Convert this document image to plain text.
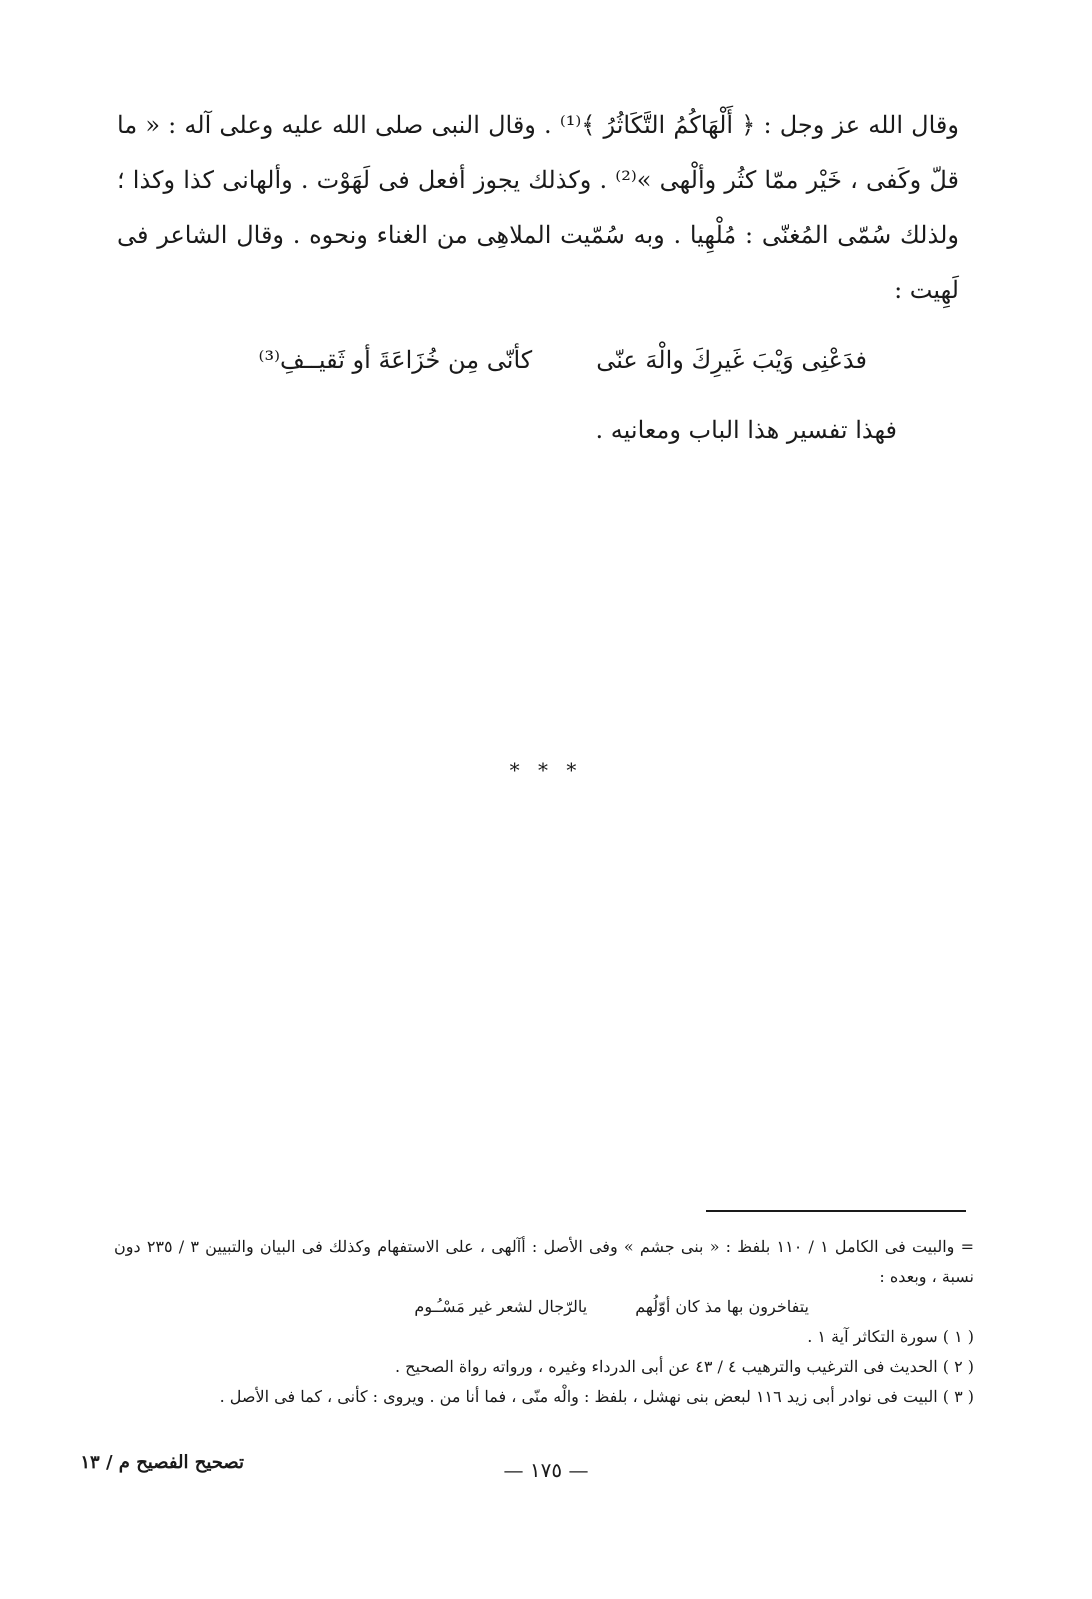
وقال الله عز وجل : ﴿ أَلْهَاكُمُ التَّكَاثُرُ ﴾⁽¹⁾ . وقال النبى صلى الله عليه وعلى آله : « ما قلّ وكَفى ، خَيْر ممّا كثُر وألْهى »⁽²⁾ . وكذلك يجوز أفعل فى لَهَوْت . وألهانى كذا وكذا ؛ ولذلك سُمّى المُغنّى : مُلْهِيا . وبه سُمّيت الملاهِى من الغناء ونحوه . وقال الشاعر فى لَهِيت :

فدَعْنِى وَيْبَ غَيرِكَ والْهَ عنّى
كأنّى مِن خُزَاعَةَ أو ثَقيــفِ⁽³⁾
فهذا تفسير هذا الباب ومعانيه .
* * *

= والبيت فى الكامل ١ / ١١٠ بلفظ : « بنى جشم » وفى الأصل : أآلهى ، على الاستفهام وكذلك فى البيان والتبيين ٣ / ٢٣٥ دون نسبة ، وبعده :

يتفاخرون بها مذ كان أوّلُهم
يالرّجال لشعر غير مَسْـُـوم

( ١ ) سورة التكاثر آية ١ .

( ٢ ) الحديث فى الترغيب والترهيب ٤ / ٤٣ عن أبى الدرداء وغيره ، ورواته رواة الصحيح .

( ٣ ) البيت فى نوادر أبى زيد ١١٦ لبعض بنى نهشل ، بلفظ : والْه منّى ، فما أنا من . ويروى : كأنى ، كما فى الأصل .

تصحيح الفصيح م / ١٣	— ١٧٥ —
